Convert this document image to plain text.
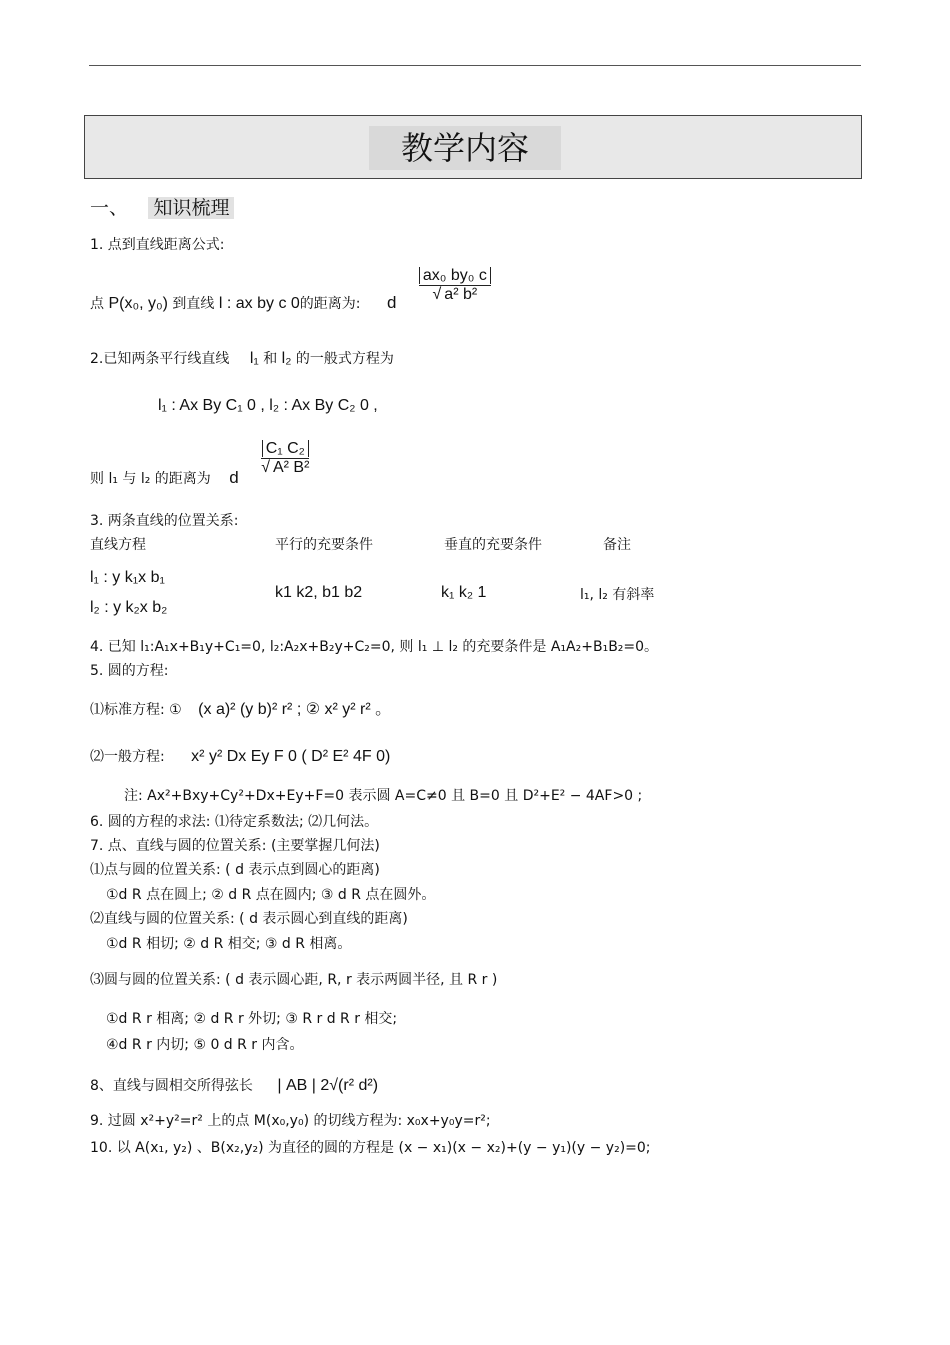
教学内容
一、 知识梳理
1. 点到直线距离公式:
点 P(x₀, y₀) 到直线 l : ax by c 0的距离为: d $\frac{\text{ax₀ by₀ c}}{\text{√ a² b²}}$
2.已知两条平行线直线 l₁ 和 l₂ 的一般式方程为
l₁ : Ax By C₁ 0 , l₂ : Ax By C₂ 0 ,
则 l₁ 与 l₂ 的距离为 d $\frac{\text{C₁ C₂}}{\text{√ A² B²}}$
3. 两条直线的位置关系:
直线方程	平行的充要条件	垂直的充要条件	备注
l₁ : y k₁x b₁
l₂ : y k₂x b₂
k1 k2, b1 b2	k₁ k₂ 1	l₁, l₂ 有斜率
4. 已知 l₁:A₁x+B₁y+C₁=0, l₂:A₂x+B₂y+C₂=0, 则 l₁ ⊥ l₂ 的充要条件是 A₁A₂+B₁B₂=0。
5. 圆的方程:
⑴标准方程: ① (x a)² (y b)² r² ; ② x² y² r² 。
⑵一般方程: x² y² Dx Ey F 0 ( D² E² 4F 0)
注: Ax²+Bxy+Cy²+Dx+Ey+F=0 表示圆 A=C≠0 且 B=0 且 D²+E² − 4AF>0 ;
6. 圆的方程的求法: ⑴待定系数法; ⑵几何法。
7. 点、直线与圆的位置关系: (主要掌握几何法)
⑴点与圆的位置关系: ( d 表示点到圆心的距离)
①d R 点在圆上; ② d R 点在圆内; ③ d R 点在圆外。
⑵直线与圆的位置关系: ( d 表示圆心到直线的距离)
①d R 相切; ② d R 相交; ③ d R 相离。
⑶圆与圆的位置关系: ( d 表示圆心距, R, r 表示两圆半径, 且 R r )
①d R r 相离; ② d R r 外切; ③ R r d R r 相交;
④d R r 内切; ⑤ 0 d R r 内含。
8、直线与圆相交所得弦长 | AB | 2√(r² d²)
9. 过圆 x²+y²=r² 上的点 M(x₀,y₀) 的切线方程为: x₀x+y₀y=r²;
10. 以 A(x₁, y₂) 、B(x₂,y₂) 为直径的圆的方程是 (x − x₁)(x − x₂)+(y − y₁)(y − y₂)=0;
